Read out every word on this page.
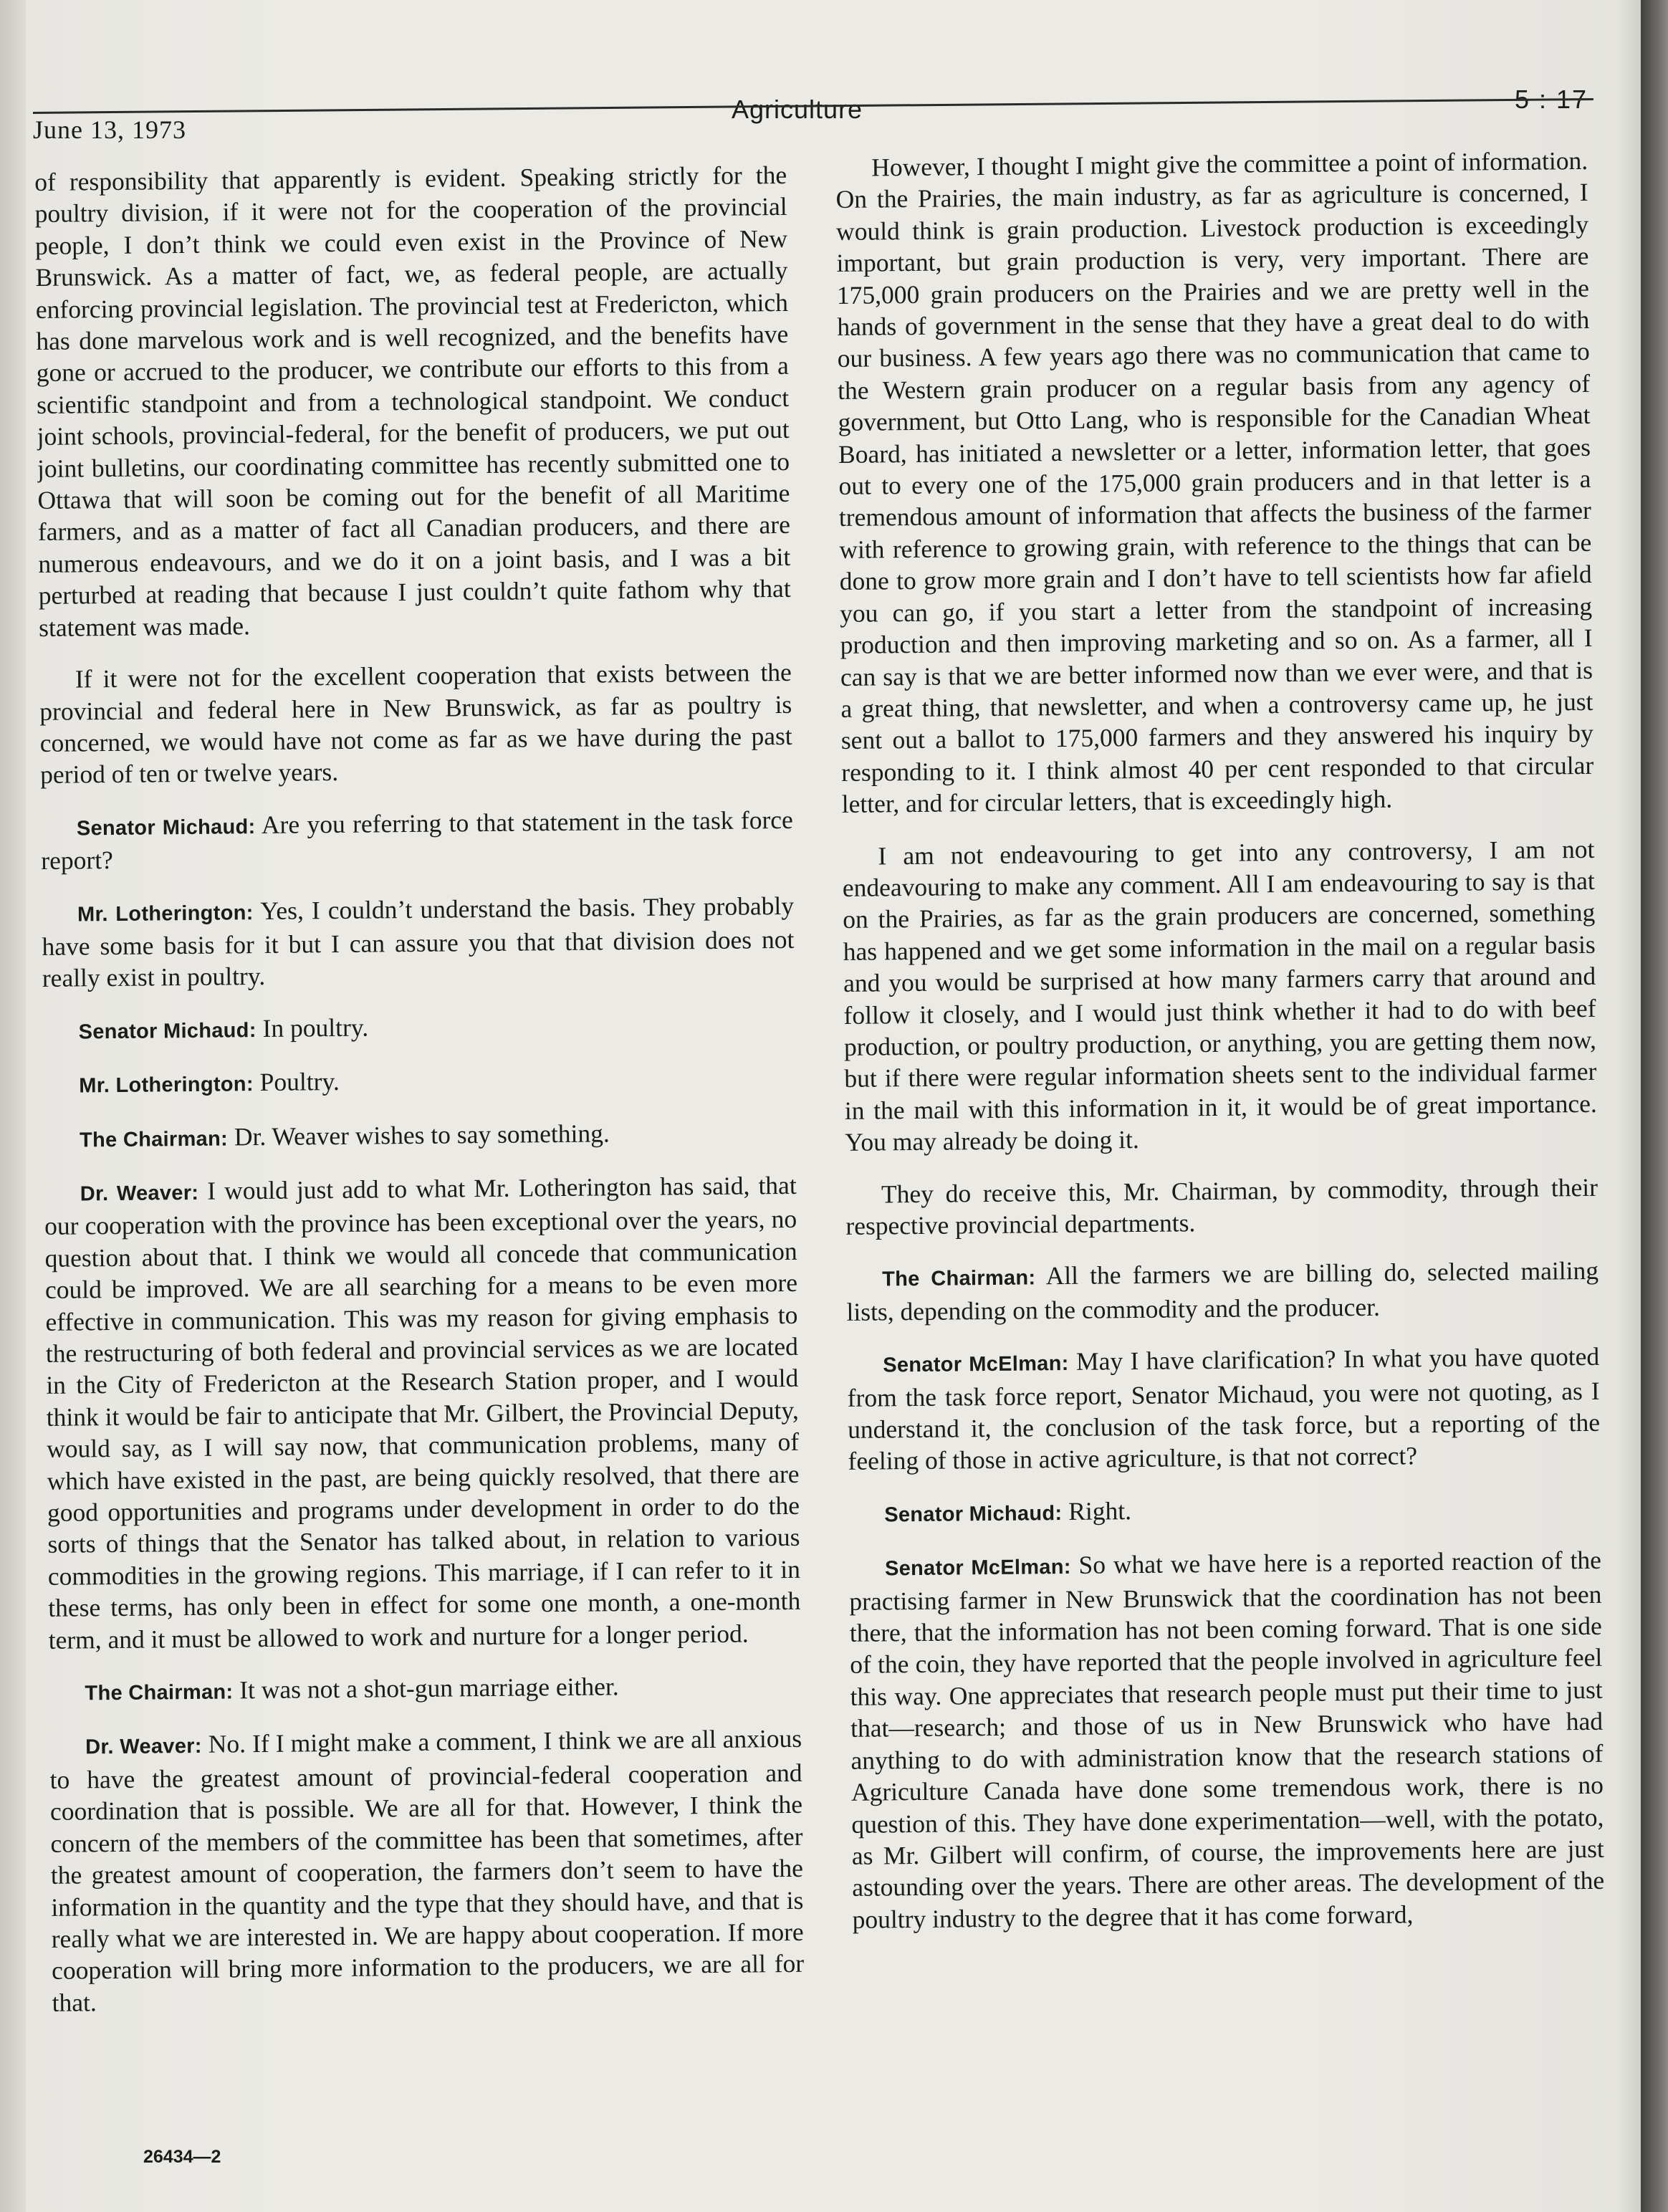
June 13, 1973
Agriculture	5 : 17

of responsibility that apparently is evident. Speaking strictly for the poultry division, if it were not for the cooperation of the provincial people, I don’t think we could even exist in the Province of New Brunswick. As a matter of fact, we, as federal people, are actually enforcing provincial legislation. The provincial test at Fredericton, which has done marvelous work and is well recognized, and the benefits have gone or accrued to the producer, we contribute our efforts to this from a scientific standpoint and from a technological standpoint. We conduct joint schools, provincial-federal, for the benefit of producers, we put out joint bulletins, our coordinating committee has recently submitted one to Ottawa that will soon be coming out for the benefit of all Maritime farmers, and as a matter of fact all Canadian producers, and there are numerous endeavours, and we do it on a joint basis, and I was a bit perturbed at reading that because I just couldn’t quite fathom why that statement was made.

If it were not for the excellent cooperation that exists between the provincial and federal here in New Brunswick, as far as poultry is concerned, we would have not come as far as we have during the past period of ten or twelve years.

Senator Michaud: Are you referring to that statement in the task force report?

Mr. Lotherington: Yes, I couldn’t understand the basis. They probably have some basis for it but I can assure you that that division does not really exist in poultry.

Senator Michaud: In poultry.

Mr. Lotherington: Poultry.

The Chairman: Dr. Weaver wishes to say something.

Dr. Weaver: I would just add to what Mr. Lotherington has said, that our cooperation with the province has been exceptional over the years, no question about that. I think we would all concede that communication could be improved. We are all searching for a means to be even more effective in communication. This was my reason for giving emphasis to the restructuring of both federal and provincial services as we are located in the City of Fredericton at the Research Station proper, and I would think it would be fair to anticipate that Mr. Gilbert, the Provincial Deputy, would say, as I will say now, that communication problems, many of which have existed in the past, are being quickly resolved, that there are good opportunities and programs under development in order to do the sorts of things that the Senator has talked about, in relation to various commodities in the growing regions. This marriage, if I can refer to it in these terms, has only been in effect for some one month, a one-month term, and it must be allowed to work and nurture for a longer period.

The Chairman: It was not a shot-gun marriage either.

Dr. Weaver: No. If I might make a comment, I think we are all anxious to have the greatest amount of provincial-federal cooperation and coordination that is possible. We are all for that. However, I think the concern of the members of the committee has been that sometimes, after the greatest amount of cooperation, the farmers don’t seem to have the information in the quantity and the type that they should have, and that is really what we are interested in. We are happy about cooperation. If more cooperation will bring more information to the producers, we are all for that.

However, I thought I might give the committee a point of information. On the Prairies, the main industry, as far as agriculture is concerned, I would think is grain production. Livestock production is exceedingly important, but grain production is very, very important. There are 175,000 grain producers on the Prairies and we are pretty well in the hands of government in the sense that they have a great deal to do with our business. A few years ago there was no communication that came to the Western grain producer on a regular basis from any agency of government, but Otto Lang, who is responsible for the Canadian Wheat Board, has initiated a newsletter or a letter, information letter, that goes out to every one of the 175,000 grain producers and in that letter is a tremendous amount of information that affects the business of the farmer with reference to growing grain, with reference to the things that can be done to grow more grain and I don’t have to tell scientists how far afield you can go, if you start a letter from the standpoint of increasing production and then improving marketing and so on. As a farmer, all I can say is that we are better informed now than we ever were, and that is a great thing, that newsletter, and when a controversy came up, he just sent out a ballot to 175,000 farmers and they answered his inquiry by responding to it. I think almost 40 per cent responded to that circular letter, and for circular letters, that is exceedingly high.

I am not endeavouring to get into any controversy, I am not endeavouring to make any comment. All I am endeavouring to say is that on the Prairies, as far as the grain producers are concerned, something has happened and we get some information in the mail on a regular basis and you would be surprised at how many farmers carry that around and follow it closely, and I would just think whether it had to do with beef production, or poultry production, or anything, you are getting them now, but if there were regular information sheets sent to the individual farmer in the mail with this information in it, it would be of great importance. You may already be doing it.

They do receive this, Mr. Chairman, by commodity, through their respective provincial departments.

The Chairman: All the farmers we are billing do, selected mailing lists, depending on the commodity and the producer.

Senator McElman: May I have clarification? In what you have quoted from the task force report, Senator Michaud, you were not quoting, as I understand it, the conclusion of the task force, but a reporting of the feeling of those in active agriculture, is that not correct?

Senator Michaud: Right.

Senator McElman: So what we have here is a reported reaction of the practising farmer in New Brunswick that the coordination has not been there, that the information has not been coming forward. That is one side of the coin, they have reported that the people involved in agriculture feel this way. One appreciates that research people must put their time to just that—research; and those of us in New Brunswick who have had anything to do with administration know that the research stations of Agriculture Canada have done some tremendous work, there is no question of this. They have done experimentation—well, with the potato, as Mr. Gilbert will confirm, of course, the improvements here are just astounding over the years. There are other areas. The development of the poultry industry to the degree that it has come forward,

26434—2
